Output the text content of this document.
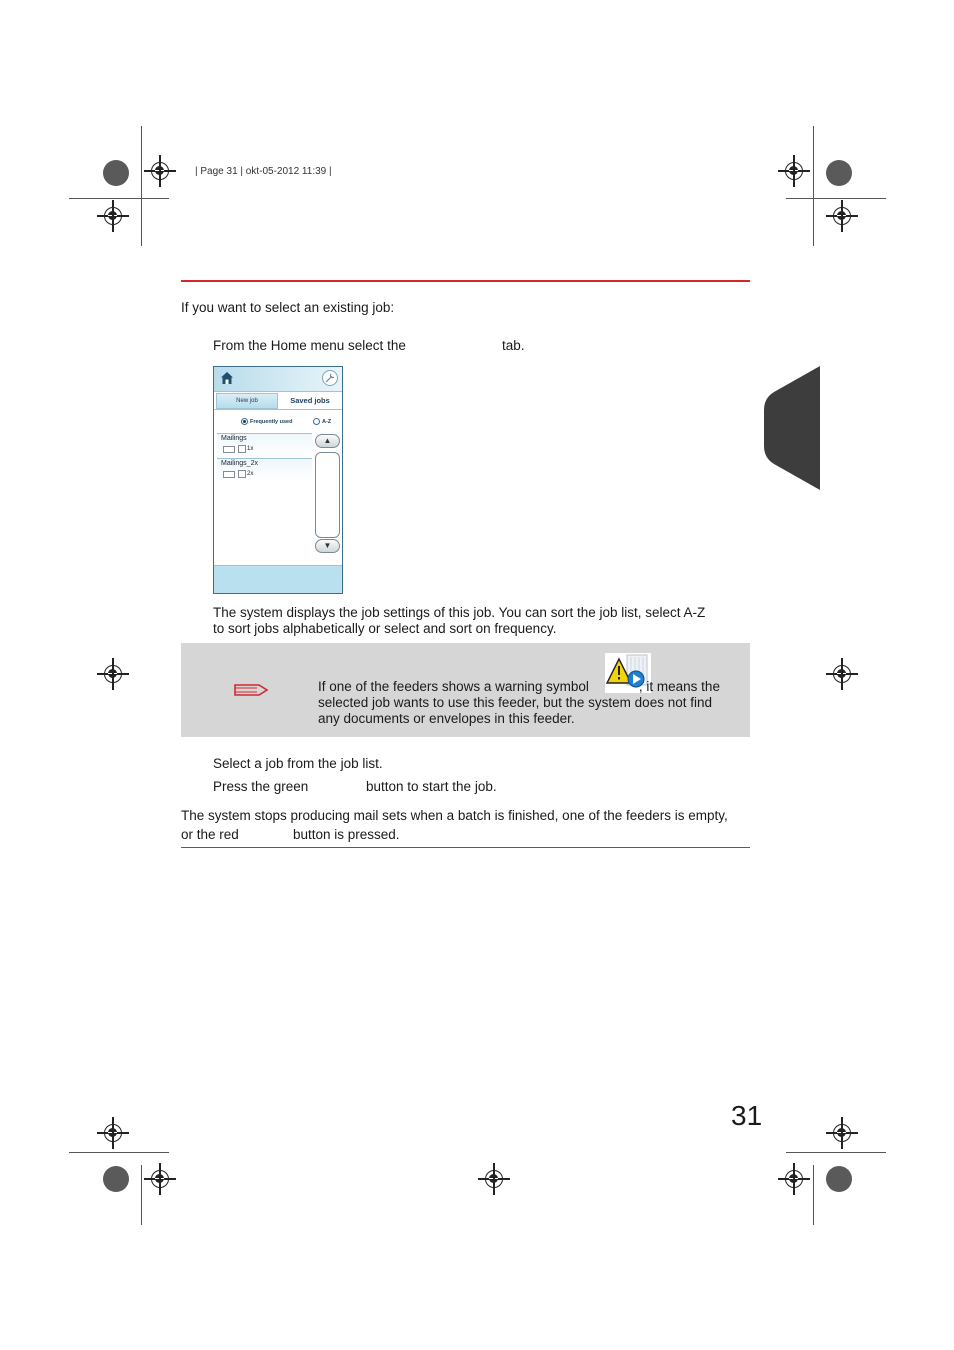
| Page 31 | okt-05-2012 11:39 |
If you want to select an existing job:
From the Home menu select the	tab.
New job	Saved jobs
Frequently used	A-Z
Mailings
1x
Mailings_2x
2x
▲
▼
The system displays the job settings of this job. You can sort the job list, select A-Z
to sort jobs alphabetically or select and sort on frequency.
If one of the feeders shows a warning symbol	, it means the
selected job wants to use this feeder, but the system does not find
any documents or envelopes in this feeder.
Select a job from the job list.
Press the green	button to start the job.
The system stops producing mail sets when a batch is finished, one of the feeders is empty,
or the red	button is pressed.
31
